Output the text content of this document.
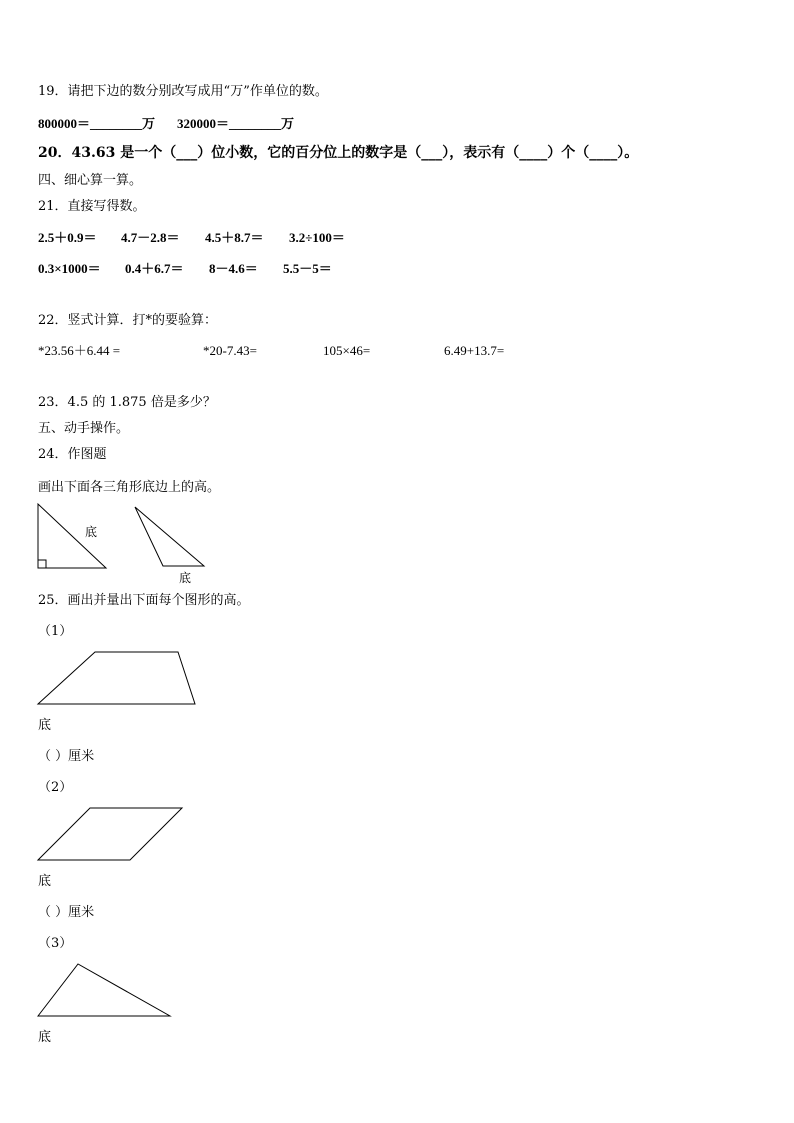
19．请把下边的数分别改写成用“万”作单位的数。
800000＝________万 320000＝________万
20．43.63 是一个（___）位小数，它的百分位上的数字是（___），表示有（____）个（____）。
四、细心算一算。
21．直接写得数。
2.5＋0.9＝ 4.7－2.8＝ 4.5＋8.7＝ 3.2÷100＝
0.3×1000＝ 0.4＋6.7＝ 8－4.6＝ 5.5－5＝
22．竖式计算．打*的要验算：
*23.56＋6.44 =	*20-7.43=	105×46=	6.49+13.7=
23．4.5 的 1.875 倍是多少？
五、动手操作。
24．作图题
画出下面各三角形底边上的高。
底
底
25．画出并量出下面每个图形的高。
（1）
底
（ ）厘米
（2）
底
（ ）厘米
（3）
底
